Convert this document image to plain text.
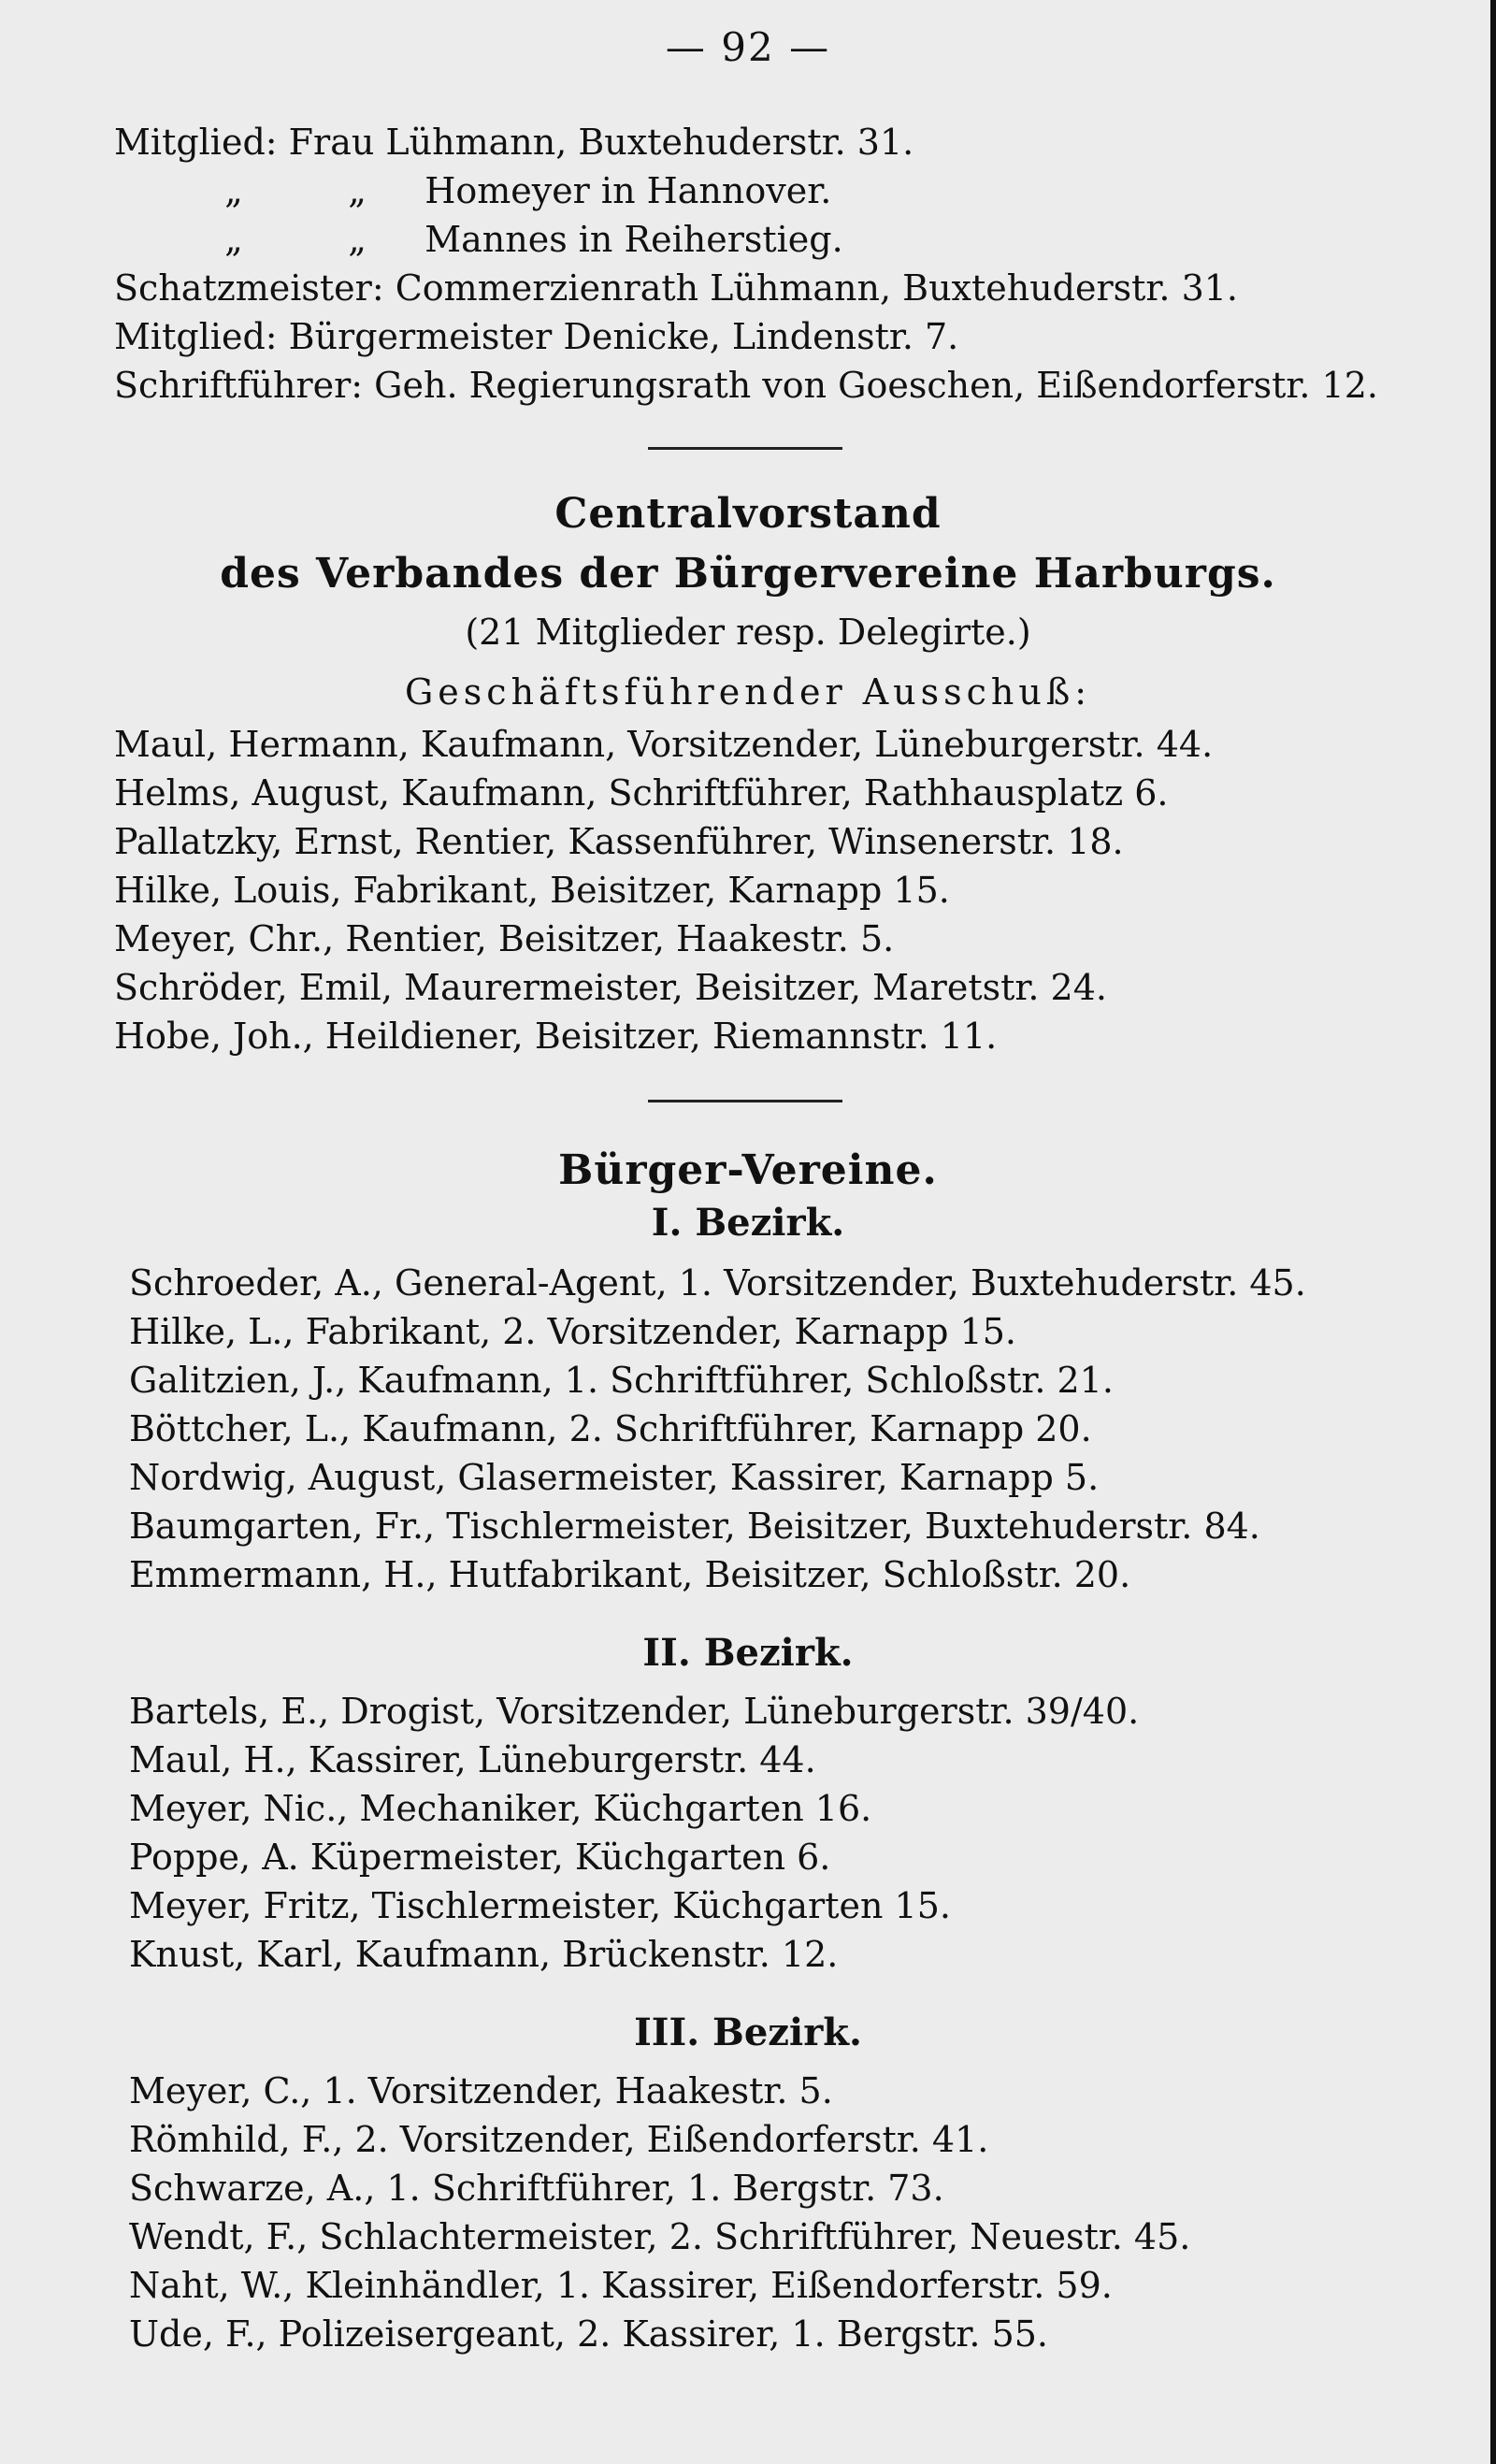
— 92 —
Mitglied: Frau Lühmann, Buxtehuderstr. 31.
„	„ Homeyer in Hannover.
„	„ Mannes in Reiherstieg.
Schatzmeister: Commerzienrath Lühmann, Buxtehuderstr. 31.
Mitglied: Bürgermeister Denicke, Lindenstr. 7.
Schriftführer: Geh. Regierungsrath von Goeschen, Eißendorferstr. 12.
Centralvorstand
des Verbandes der Bürgervereine Harburgs.
(21 Mitglieder resp. Delegirte.)
Geschäftsführender Ausschuß:
Maul, Hermann, Kaufmann, Vorsitzender, Lüneburgerstr. 44.
Helms, August, Kaufmann, Schriftführer, Rathhausplatz 6.
Pallatzky, Ernst, Rentier, Kassenführer, Winsenerstr. 18.
Hilke, Louis, Fabrikant, Beisitzer, Karnapp 15.
Meyer, Chr., Rentier, Beisitzer, Haakestr. 5.
Schröder, Emil, Maurermeister, Beisitzer, Maretstr. 24.
Hobe, Joh., Heildiener, Beisitzer, Riemannstr. 11.
Bürger-Vereine.
I. Bezirk.
Schroeder, A., General-Agent, 1. Vorsitzender, Buxtehuderstr. 45.
Hilke, L., Fabrikant, 2. Vorsitzender, Karnapp 15.
Galitzien, J., Kaufmann, 1. Schriftführer, Schloßstr. 21.
Böttcher, L., Kaufmann, 2. Schriftführer, Karnapp 20.
Nordwig, August, Glasermeister, Kassirer, Karnapp 5.
Baumgarten, Fr., Tischlermeister, Beisitzer, Buxtehuderstr. 84.
Emmermann, H., Hutfabrikant, Beisitzer, Schloßstr. 20.
II. Bezirk.
Bartels, E., Drogist, Vorsitzender, Lüneburgerstr. 39/40.
Maul, H., Kassirer, Lüneburgerstr. 44.
Meyer, Nic., Mechaniker, Küchgarten 16.
Poppe, A. Küpermeister, Küchgarten 6.
Meyer, Fritz, Tischlermeister, Küchgarten 15.
Knust, Karl, Kaufmann, Brückenstr. 12.
III. Bezirk.
Meyer, C., 1. Vorsitzender, Haakestr. 5.
Römhild, F., 2. Vorsitzender, Eißendorferstr. 41.
Schwarze, A., 1. Schriftführer, 1. Bergstr. 73.
Wendt, F., Schlachtermeister, 2. Schriftführer, Neuestr. 45.
Naht, W., Kleinhändler, 1. Kassirer, Eißendorferstr. 59.
Ude, F., Polizeisergeant, 2. Kassirer, 1. Bergstr. 55.
